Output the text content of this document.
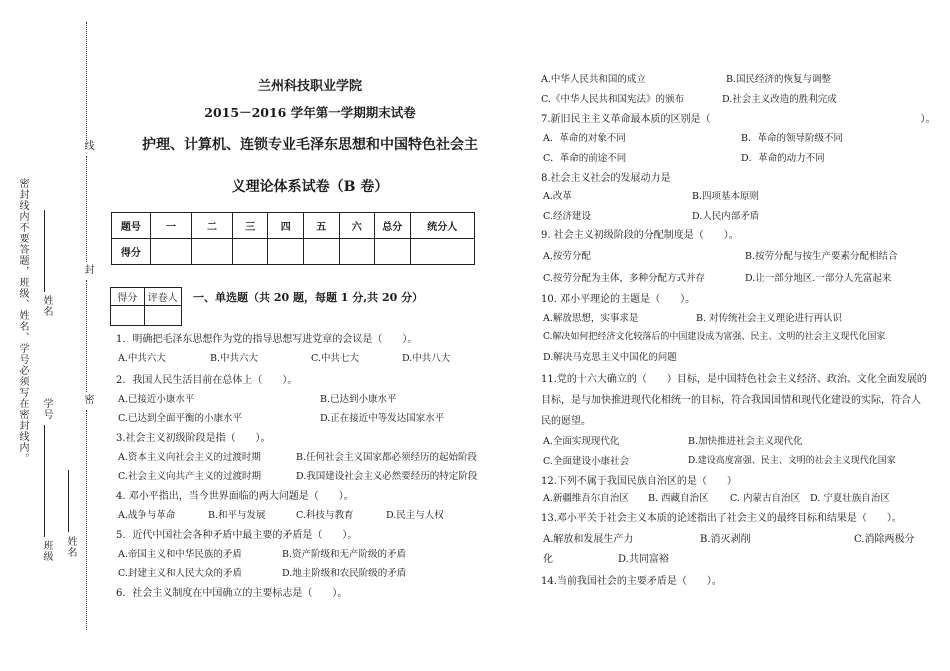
密封线内不要答题，班级、姓名、学号必须写在密封线内。 学号
姓名
班级 姓名
线
封
密
兰州科技职业学院
2015－2016 学年第一学期期末试卷
护理、计算机、连锁专业毛泽东思想和中国特色社会主
义理论体系试卷（B 卷）
题号	一	二	三	四	五	六	总分	统分人
得分								
得分	评卷人
	一、单选题（共 20 题，每题 1 分,共 20 分）
1．明确把毛泽东思想作为党的指导思想写进党章的会议是（　　）。
A.中共六大	B.中共六大	C.中共七大	D.中共八大
2．我国人民生活目前在总体上（　　）。
A.已接近小康水平	B.已达到小康水平
C.已达到全面平衡的小康水平	D.正在接近中等发达国家水平
3.社会主义初级阶段是指（　　）。
A.资本主义向社会主义的过渡时期	B.任何社会主义国家都必须经历的起始阶段
C.社会主义向共产主义的过渡时期	D.我国建设社会主义必然要经历的特定阶段
4. 邓小平指出，当今世界面临的两大问题是（　　）。
A.战争与革命	B.和平与发展	C.科技与教育	D.民主与人权
5．近代中国社会各种矛盾中最主要的矛盾是（　　）。
A.帝国主义和中华民族的矛盾	B.资产阶级和无产阶级的矛盾
C.封建主义和人民大众的矛盾	D.地主阶级和农民阶级的矛盾
6．社会主义制度在中国确立的主要标志是（　　）。
A.中华人民共和国的成立	B.国民经济的恢复与调整
C.《中华人民共和国宪法》的颁布	D.社会主义改造的胜利完成
7.新旧民主主义革命最本质的区别是（　　　　　　　　　　　　　　　　　　　　　）。
A．革命的对象不同	B．革命的领导阶级不同
C．革命的前途不同	D．革命的动力不同
8.社会主义社会的发展动力是
A.改革	B.四项基本原则
C.经济建设	D.人民内部矛盾
9. 社会主义初级阶段的分配制度是（　　）。
A.按劳分配	B.按劳分配与按生产要素分配相结合
C.按劳分配为主体，多种分配方式并存	D.让一部分地区.一部分人先富起来
10. 邓小平理论的主题是（　　）。
A.解放思想，实事求是	B. 对传统社会主义理论进行再认识
C.解决如何把经济文化较落后的中国建设成为富强、民主、文明的社会主义现代化国家
D.解决马克思主义中国化的问题
11.党的十六大确立的（　　）目标，是中国特色社会主义经济、政治、文化全面发展的
目标，是与加快推进现代化相统一的目标，符合我国国情和现代化建设的实际，符合人
民的愿望。
A.全面实现现代化	B.加快推进社会主义现代化
C.全面建设小康社会	D.建设高度富强、民主、文明的社会主义现代化国家
12.下列不属于我国民族自治区的是（　　）
A.新疆维吾尔自治区 B. 西藏自治区 C. 内蒙古自治区 D. 宁夏壮族自治区
13.邓小平关于社会主义本质的论述指出了社会主义的最终目标和结果是（　　）。
A.解放和发展生产力	B.消灭剥削	C.消除两极分
化	D.共同富裕
14.当前我国社会的主要矛盾是（　　）。
